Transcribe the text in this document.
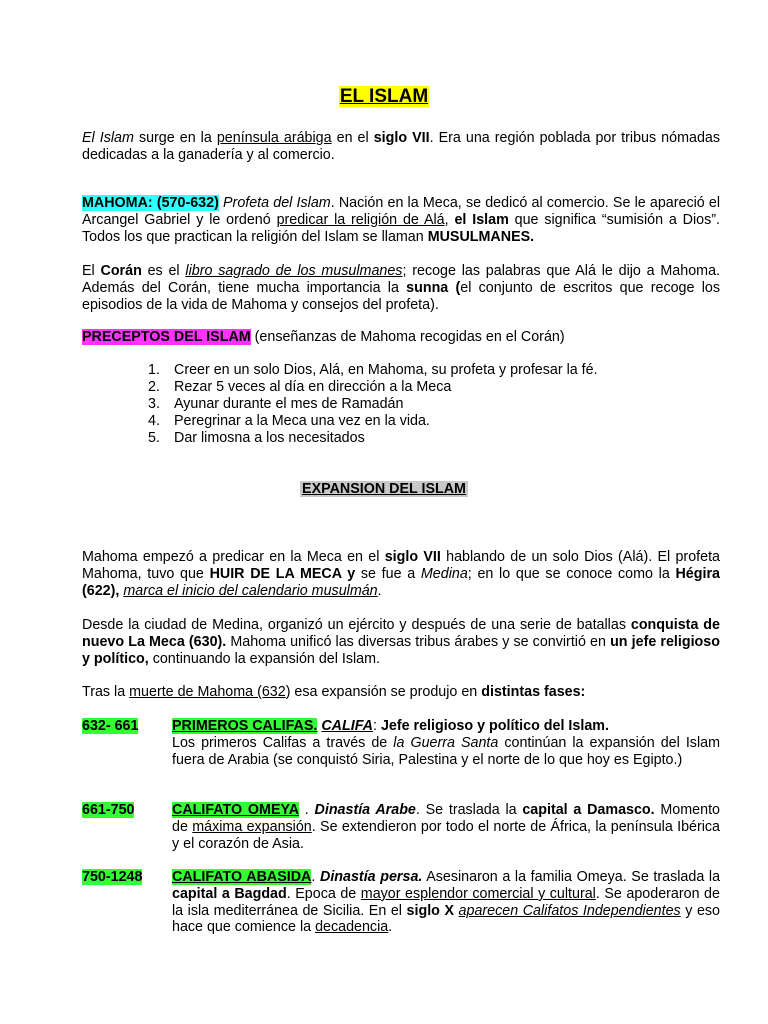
EL ISLAM

El Islam surge en la península arábiga en el siglo VII. Era una región poblada por tribus nómadas dedicadas a la ganadería y al comercio.

MAHOMA: (570-632) Profeta del Islam. Nación en la Meca, se dedicó al comercio. Se le apareció el Arcangel Gabriel y le ordenó predicar la religión de Alá, el Islam que significa “sumisión a Dios”. Todos los que practican la religión del Islam se llaman MUSULMANES.

El Corán es el libro sagrado de los musulmanes; recoge las palabras que Alá le dijo a Mahoma. Además del Corán, tiene mucha importancia la sunna (el conjunto de escritos que recoge los episodios de la vida de Mahoma y consejos del profeta).

PRECEPTOS DEL ISLAM (enseñanzas de Mahoma recogidas en el Corán)

1. Creer en un solo Dios, Alá, en Mahoma, su profeta y profesar la fé.
2. Rezar 5 veces al día en dirección a la Meca
3. Ayunar durante el mes de Ramadán
4. Peregrinar a la Meca una vez en la vida.
5. Dar limosna a los necesitados
EXPANSION DEL ISLAM

Mahoma empezó a predicar en la Meca en el siglo VII hablando de un solo Dios (Alá). El profeta Mahoma, tuvo que HUIR DE LA MECA y se fue a Medina; en lo que se conoce como la Hégira (622), marca el inicio del calendario musulmán.

Desde la ciudad de Medina, organizó un ejército y después de una serie de batallas conquista de nuevo La Meca (630). Mahoma unificó las diversas tribus árabes y se convirtió en un jefe religioso y político, continuando la expansión del Islam.

Tras la muerte de Mahoma (632) esa expansión se produjo en distintas fases:

632- 661 PRIMEROS CALIFAS. CALIFA: Jefe religioso y político del Islam.
Los primeros Califas a través de la Guerra Santa continúan la expansión del Islam fuera de Arabia (se conquistó Siria, Palestina y el norte de lo que hoy es Egipto.)

661-750	CALIFATO OMEYA . Dinastía Arabe. Se traslada la capital a Damasco. Momento de máxima expansión. Se extendieron por todo el norte de África, la península Ibérica y el corazón de Asia.

750-1248 CALIFATO ABASIDA. Dinastía persa. Asesinaron a la familia Omeya. Se traslada la capital a Bagdad. Epoca de mayor esplendor comercial y cultural. Se apoderaron de la isla mediterránea de Sicilia. En el siglo X aparecen Califatos Independientes y eso hace que comience la decadencia.
